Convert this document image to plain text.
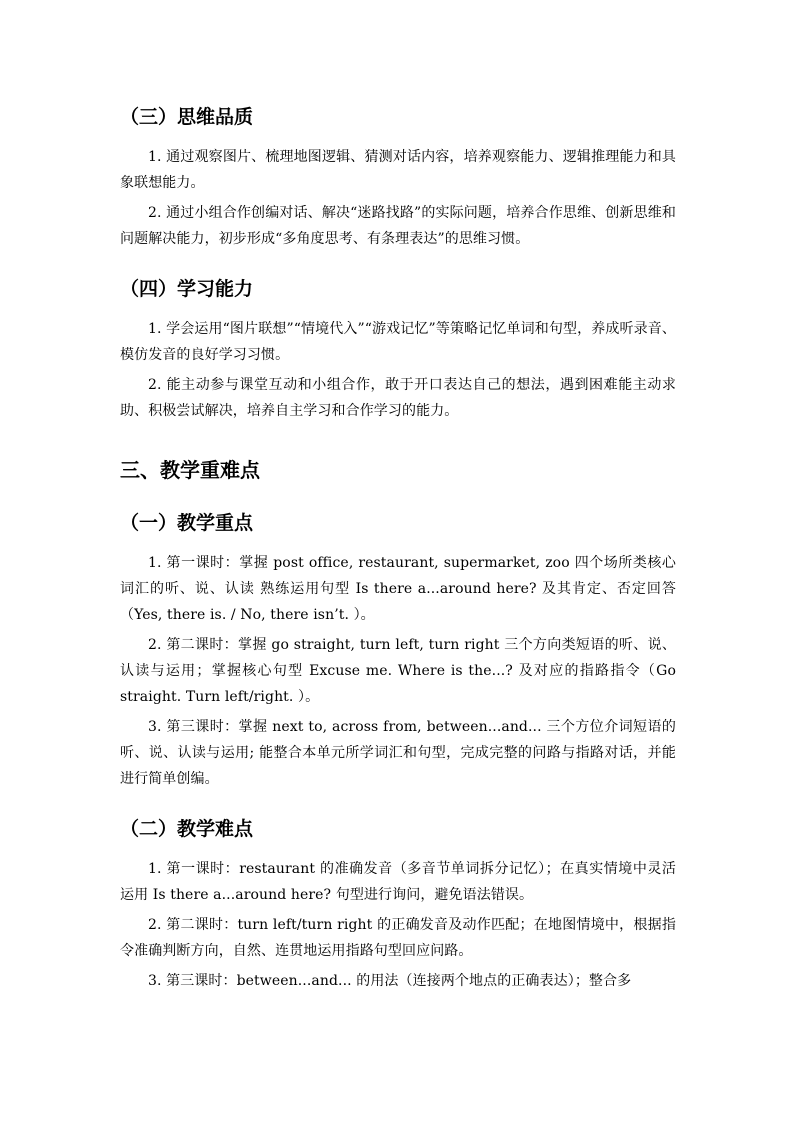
（三）思维品质

1. 通过观察图片、梳理地图逻辑、猜测对话内容，培养观察能力、逻辑推理能力和具象联想能力。

2. 通过小组合作创编对话、解决“迷路找路”的实际问题，培养合作思维、创新思维和问题解决能力，初步形成“多角度思考、有条理表达”的思维习惯。

（四）学习能力

1. 学会运用“图片联想”“情境代入”“游戏记忆”等策略记忆单词和句型，养成听录音、模仿发音的良好学习习惯。

2. 能主动参与课堂互动和小组合作，敢于开口表达自己的想法，遇到困难能主动求助、积极尝试解决，培养自主学习和合作学习的能力。

三、教学重难点
（一）教学重点

1. 第一课时：掌握 post office, restaurant, supermarket, zoo 四个场所类核心词汇的听、说、认读 熟练运用句型 Is there a...around here? 及其肯定、否定回答（Yes, there is. / No, there isn’t. ）。

2. 第二课时：掌握 go straight, turn left, turn right 三个方向类短语的听、说、认读与运用；掌握核心句型 Excuse me. Where is the...? 及对应的指路指令（Go straight. Turn left/right. ）。

3. 第三课时：掌握 next to, across from, between...and... 三个方位介词短语的听、说、认读与运用; 能整合本单元所学词汇和句型，完成完整的问路与指路对话，并能进行简单创编。

（二）教学难点

1. 第一课时：restaurant 的准确发音（多音节单词拆分记忆）；在真实情境中灵活运用 Is there a...around here? 句型进行询问，避免语法错误。

2. 第二课时：turn left/turn right 的正确发音及动作匹配；在地图情境中，根据指令准确判断方向，自然、连贯地运用指路句型回应问路。

3. 第三课时：between...and... 的用法（连接两个地点的正确表达）；整合多
